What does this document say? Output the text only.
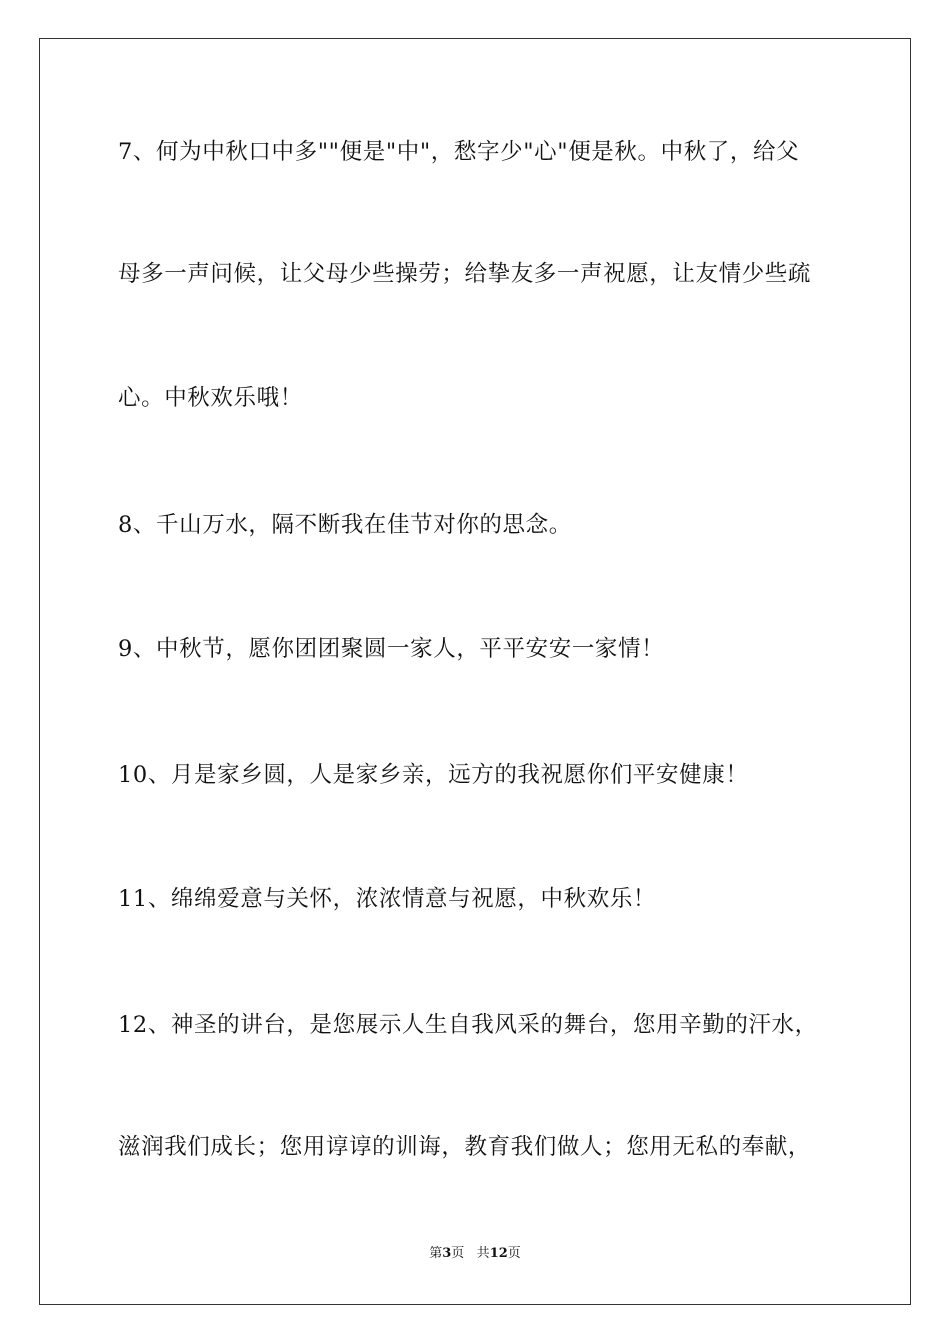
7、何为中秋口中多""便是"中"，愁字少"心"便是秋。中秋了，给父
母多一声问候，让父母少些操劳；给挚友多一声祝愿，让友情少些疏
心。中秋欢乐哦！
8、千山万水，隔不断我在佳节对你的思念。
9、中秋节，愿你团团聚圆一家人，平平安安一家情！
10、月是家乡圆，人是家乡亲，远方的我祝愿你们平安健康！
11、绵绵爱意与关怀，浓浓情意与祝愿，中秋欢乐！
12、神圣的讲台，是您展示人生自我风采的舞台，您用辛勤的汗水，
滋润我们成长；您用谆谆的训诲，教育我们做人；您用无私的奉献，
第3页 共12页
